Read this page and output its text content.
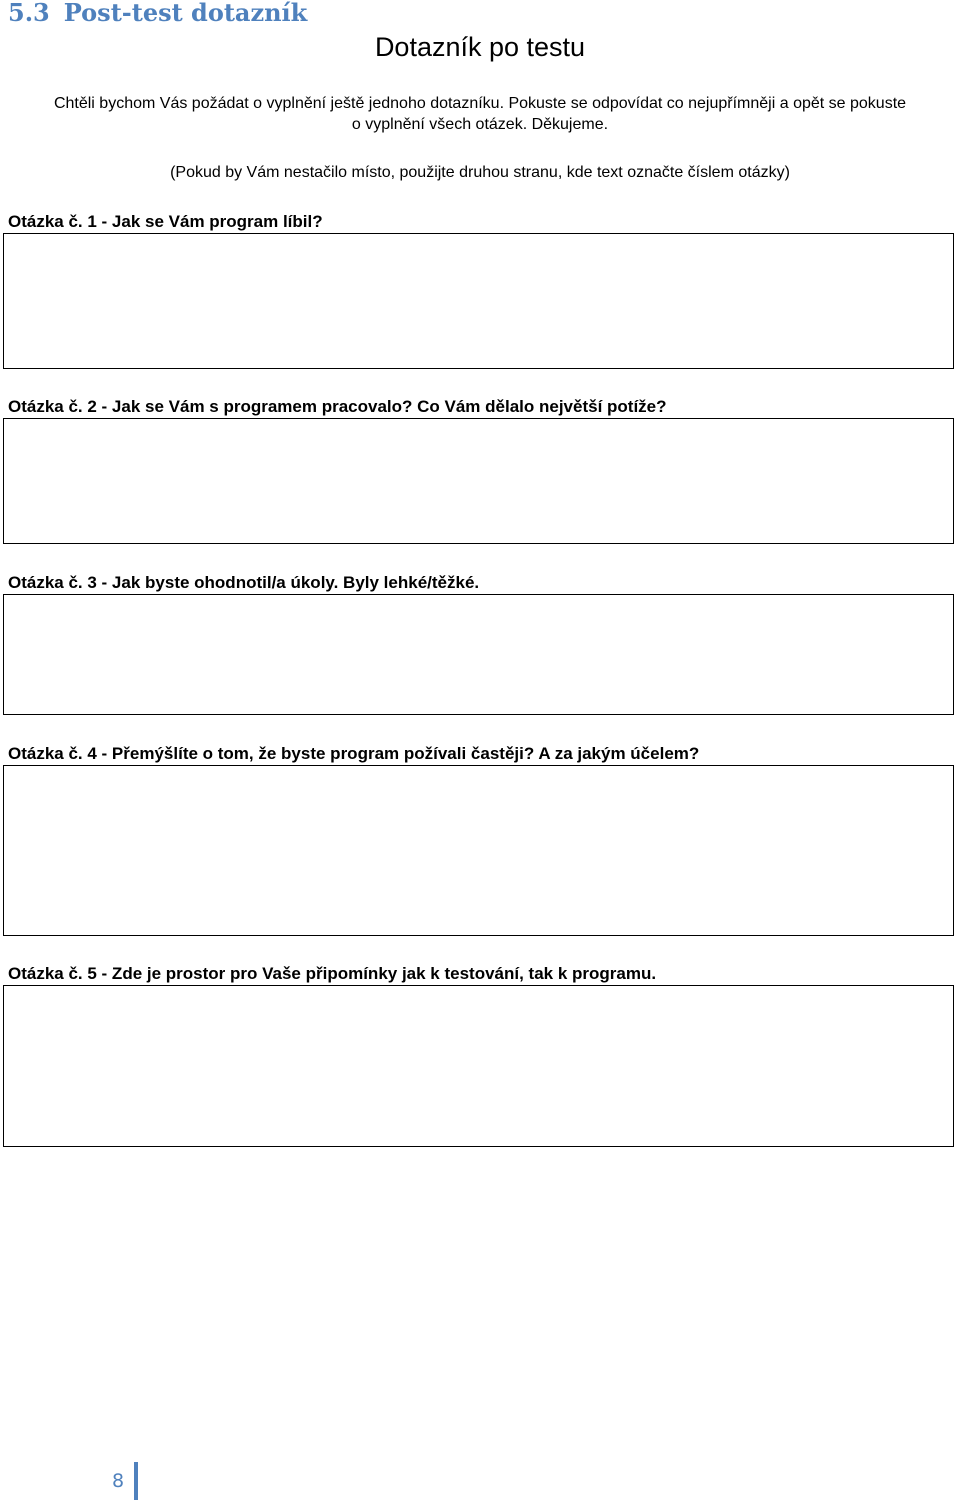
5.3 Post-test dotazník
Dotazník po testu

Chtěli bychom Vás požádat o vyplnění ještě jednoho dotazníku. Pokuste se odpovídat co nejupřímněji a opět se pokuste
o vyplnění všech otázek. Děkujeme.

(Pokud by Vám nestačilo místo, použijte druhou stranu, kde text označte číslem otázky)

Otázka č. 1 - Jak se Vám program líbil?
Otázka č. 2 - Jak se Vám s programem pracovalo? Co Vám dělalo největší potíže?
Otázka č. 3 - Jak byste ohodnotil/a úkoly. Byly lehké/těžké.
Otázka č. 4 - Přemýšlíte o tom, že byste program požívali častěji? A za jakým účelem?
Otázka č. 5 - Zde je prostor pro Vaše připomínky jak k testování, tak k programu.
8
